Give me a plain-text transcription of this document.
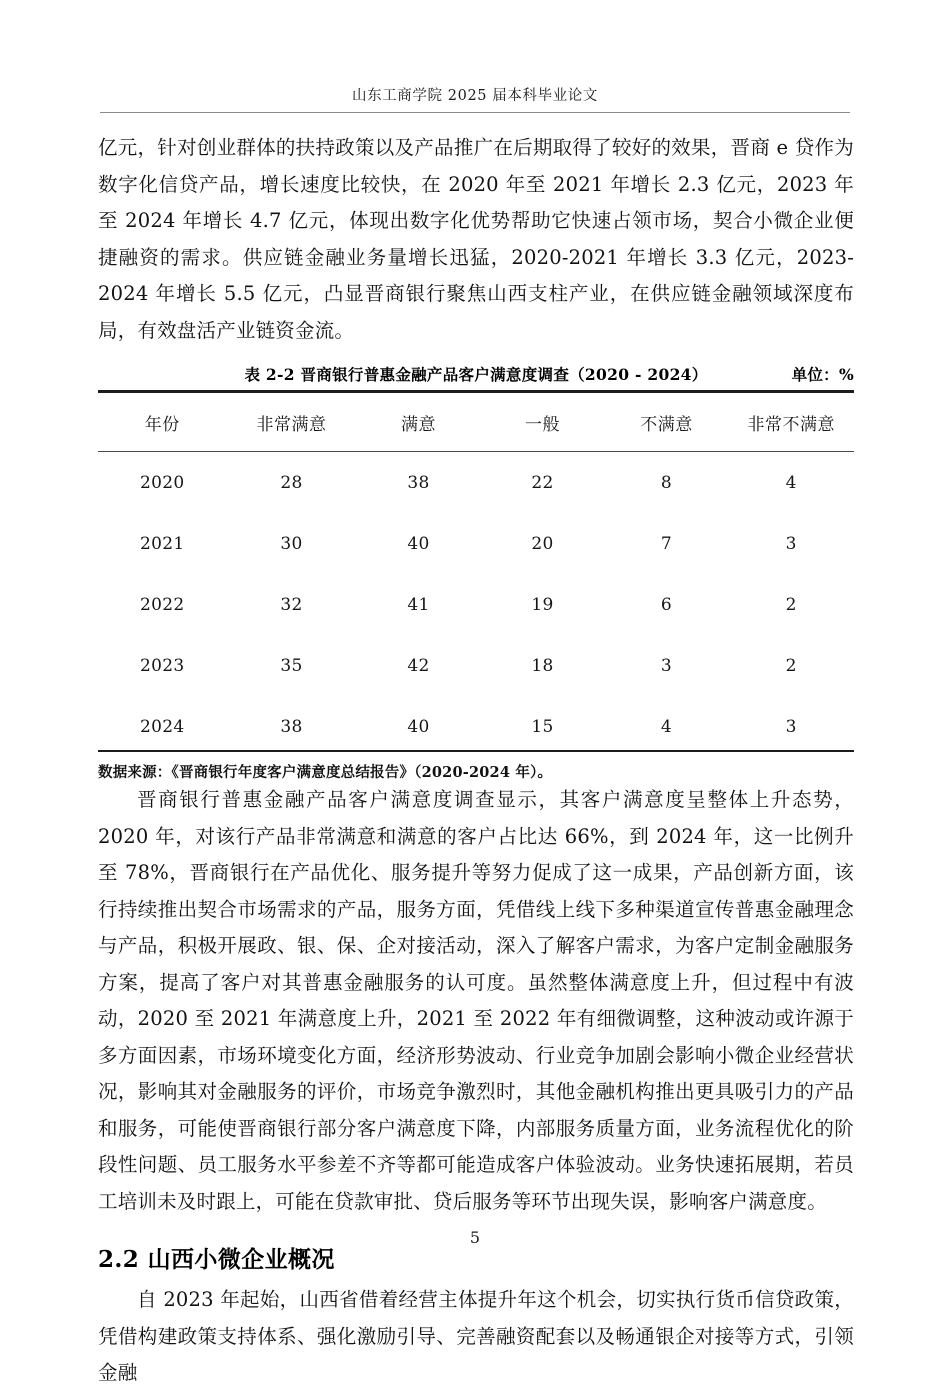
山东工商学院 2025 届本科毕业论文

亿元，针对创业群体的扶持政策以及产品推广在后期取得了较好的效果，晋商 e 贷作为数字化信贷产品，增长速度比较快，在 2020 年至 2021 年增长 2.3 亿元，2023 年至 2024 年增长 4.7 亿元，体现出数字化优势帮助它快速占领市场，契合小微企业便捷融资的需求。供应链金融业务量增长迅猛，2020-2021 年增长 3.3 亿元，2023-2024 年增长 5.5 亿元，凸显晋商银行聚焦山西支柱产业，在供应链金融领域深度布局，有效盘活产业链资金流。

表 2-2 晋商银行普惠金融产品客户满意度调查（2020 - 2024）	单位：%
年份	非常满意	满意	一般	不满意	非常不满意
2020	28	38	22	8	4
2021	30	40	20	7	3
2022	32	41	19	6	2
2023	35	42	18	3	2
2024	38	40	15	4	3
数据来源：《晋商银行年度客户满意度总结报告》（2020-2024 年）。

晋商银行普惠金融产品客户满意度调查显示，其客户满意度呈整体上升态势，2020 年，对该行产品非常满意和满意的客户占比达 66%，到 2024 年，这一比例升至 78%，晋商银行在产品优化、服务提升等努力促成了这一成果，产品创新方面，该行持续推出契合市场需求的产品，服务方面，凭借线上线下多种渠道宣传普惠金融理念与产品，积极开展政、银、保、企对接活动，深入了解客户需求，为客户定制金融服务方案，提高了客户对其普惠金融服务的认可度。虽然整体满意度上升，但过程中有波动，2020 至 2021 年满意度上升，2021 至 2022 年有细微调整，这种波动或许源于多方面因素，市场环境变化方面，经济形势波动、行业竞争加剧会影响小微企业经营状况，影响其对金融服务的评价，市场竞争激烈时，其他金融机构推出更具吸引力的产品和服务，可能使晋商银行部分客户满意度下降，内部服务质量方面，业务流程优化的阶段性问题、员工服务水平参差不齐等都可能造成客户体验波动。业务快速拓展期，若员工培训未及时跟上，可能在贷款审批、贷后服务等环节出现失误，影响客户满意度。

2.2 山西小微企业概况

自 2023 年起始，山西省借着经营主体提升年这个机会，切实执行货币信贷政策，凭借构建政策支持体系、强化激励引导、完善融资配套以及畅通银企对接等方式，引领金融

5
